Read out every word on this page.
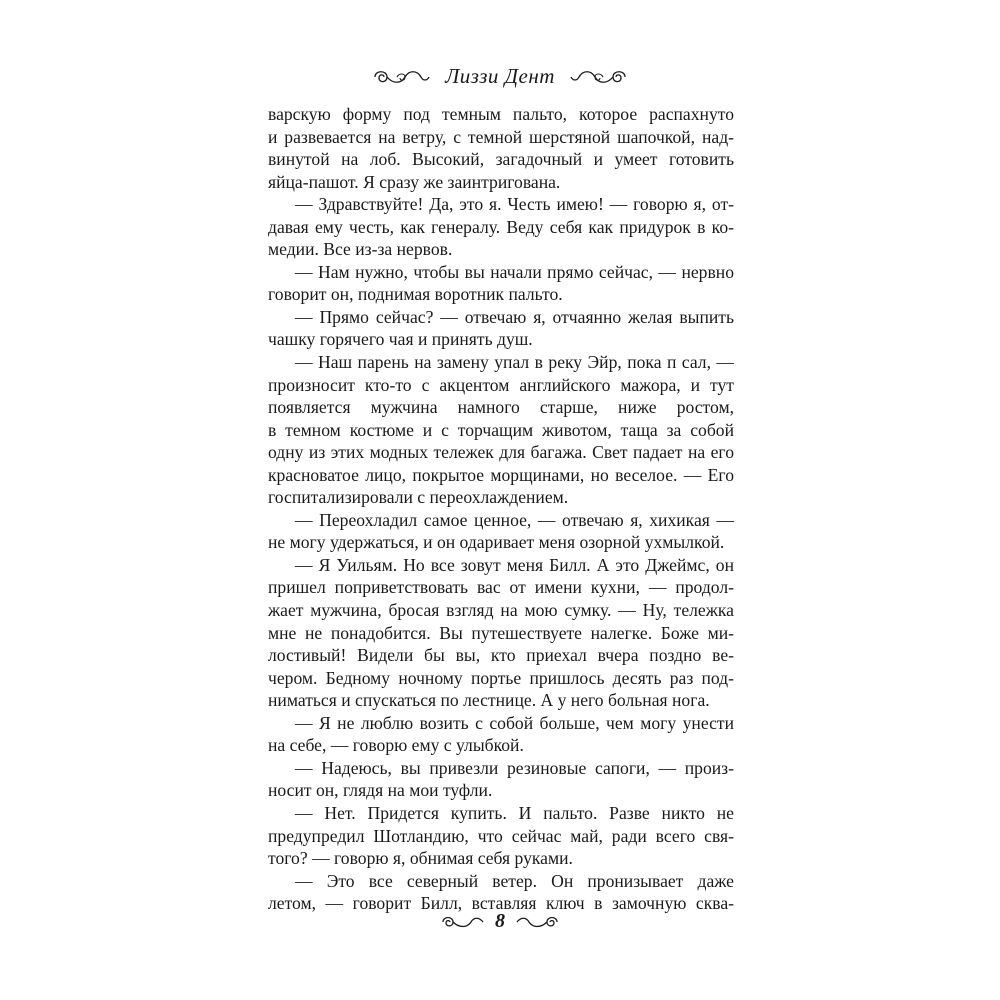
Лиззи Дент
варскую форму под темным пальто, которое распахнуто
и развевается на ветру, с темной шерстяной шапочкой, над-
винутой на лоб. Высокий, загадочный и умеет готовить
яйца-пашот. Я сразу же заинтригована.
— Здравствуйте! Да, это я. Честь имею! — говорю я, от-
давая ему честь, как генералу. Веду себя как придурок в ко-
медии. Все из-за нервов.
— Нам нужно, чтобы вы начали прямо сейчас, — нервно
говорит он, поднимая воротник пальто.
— Прямо сейчас? — отвечаю я, отчаянно желая выпить
чашку горячего чая и принять душ.
— Наш парень на замену упал в реку Эйр, пока п сал, —
произносит кто-то с акцентом английского мажора, и тут
появляется мужчина намного старше, ниже ростом,
в темном костюме и с торчащим животом, таща за собой
одну из этих модных тележек для багажа. Свет падает на его
красноватое лицо, покрытое морщинами, но веселое. — Его
госпитализировали с переохлаждением.
— Переохладил самое ценное, — отвечаю я, хихикая —
не могу удержаться, и он одаривает меня озорной ухмылкой.
— Я Уильям. Но все зовут меня Билл. А это Джеймс, он
пришел поприветствовать вас от имени кухни, — продол-
жает мужчина, бросая взгляд на мою сумку. — Ну, тележка
мне не понадобится. Вы путешествуете налегке. Боже ми-
лостивый! Видели бы вы, кто приехал вчера поздно ве-
чером. Бедному ночному портье пришлось десять раз под-
ниматься и спускаться по лестнице. А у него больная нога.
— Я не люблю возить с собой больше, чем могу унести
на себе, — говорю ему с улыбкой.
— Надеюсь, вы привезли резиновые сапоги, — произ-
носит он, глядя на мои туфли.
— Нет. Придется купить. И пальто. Разве никто не
предупредил Шотландию, что сейчас май, ради всего свя-
того? — говорю я, обнимая себя руками.
— Это все северный ветер. Он пронизывает даже
летом, — говорит Билл, вставляя ключ в замочную сква-
8
